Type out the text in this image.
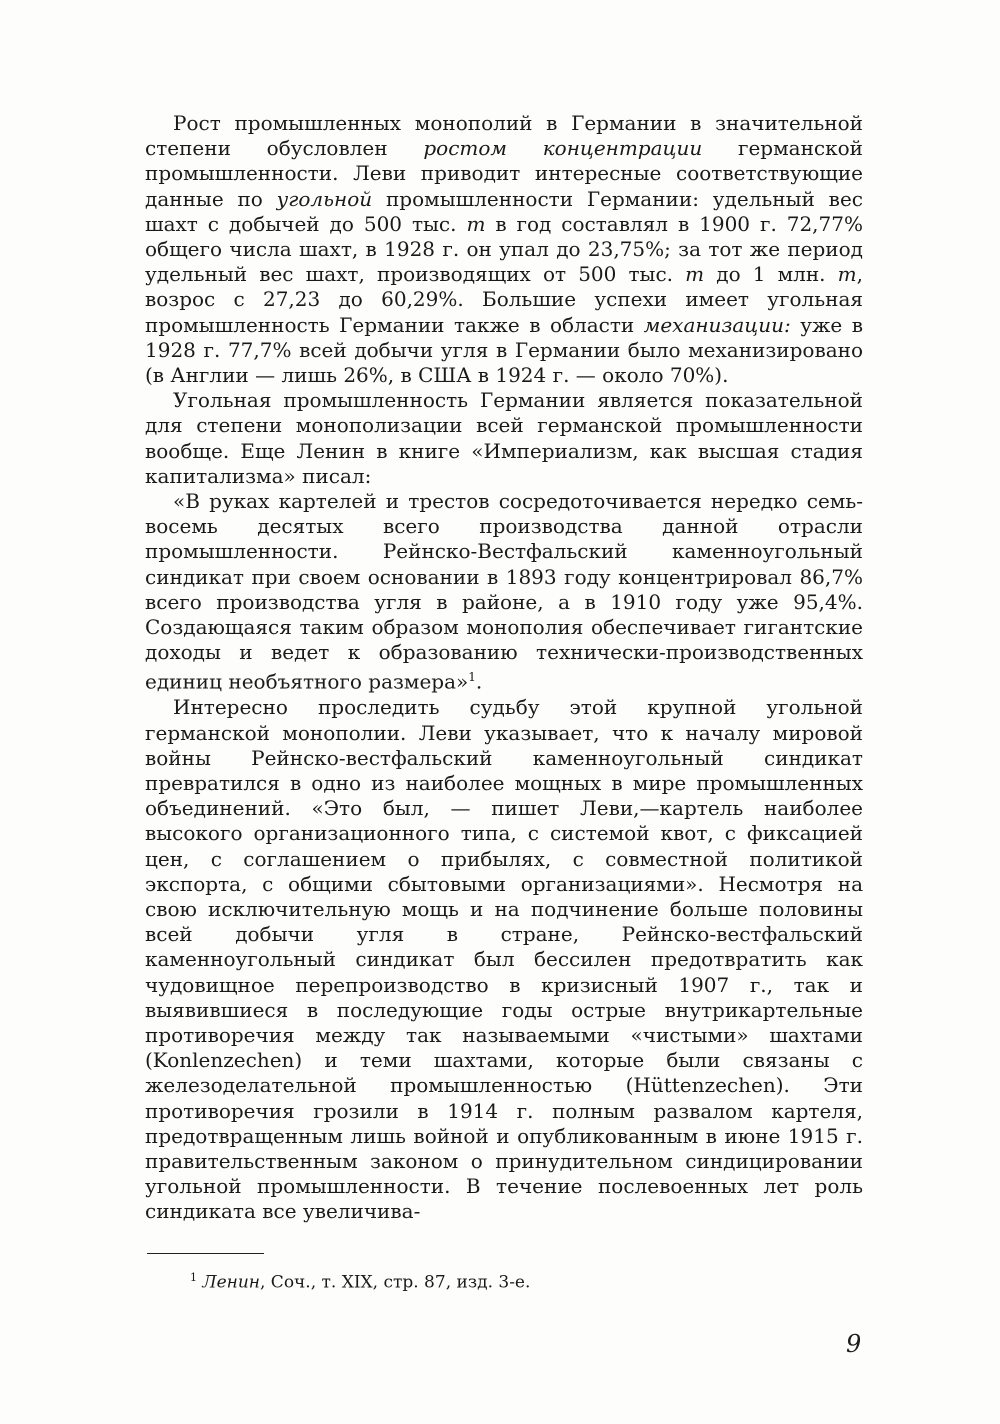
Рост промышленных монополий в Германии в значительной степени обусловлен ростом концентрации германской промышленности. Леви приводит интересные соответствующие данные по угольной промышленности Германии: удельный вес шахт с добычей до 500 тыс. т в год составлял в 1900 г. 72,77% общего числа шахт, в 1928 г. он упал до 23,75%; за тот же период удельный вес шахт, производящих от 500 тыс. т до 1 млн. т, возрос с 27,23 до 60,29%. Большие успехи имеет угольная промышленность Германии также в области механизации: уже в 1928 г. 77,7% всей добычи угля в Германии было механизировано (в Англии — лишь 26%, в США в 1924 г. — около 70%).

Угольная промышленность Германии является показательной для степени монополизации всей германской промышленности вообще. Еще Ленин в книге «Империализм, как высшая стадия капитализма» писал:

«В руках картелей и трестов сосредоточивается нередко семь-восемь десятых всего производства данной отрасли промышленности. Рейнско-Вестфальский каменноугольный синдикат при своем основании в 1893 году концентрировал 86,7% всего производства угля в районе, а в 1910 году уже 95,4%. Создающаяся таким образом монополия обеспечивает гигантские доходы и ведет к образованию технически-производственных единиц необъятного размера»$^1$.

Интересно проследить судьбу этой крупной угольной германской монополии. Леви указывает, что к началу мировой войны Рейнско-вестфальский каменноугольный синдикат превратился в одно из наиболее мощных в мире промышленных объединений. «Это был, — пишет Леви,—картель наиболее высокого организационного типа, с системой квот, с фиксацией цен, с соглашением о прибылях, с совместной политикой экспорта, с общими сбытовыми организациями». Несмотря на свою исключительную мощь и на подчинение больше половины всей добычи угля в стране, Рейнско-вестфальский каменноугольный синдикат был бессилен предотвратить как чудовищное перепроизводство в кризисный 1907 г., так и выявившиеся в последующие годы острые внутрикартельные противоречия между так называемыми «чистыми» шахтами (Konlenzechen) и теми шахтами, которые были связаны с железоделательной промышленностью (Hüttenzechen). Эти противоречия грозили в 1914 г. полным развалом картеля, предотвращенным лишь войной и опубликованным в июне 1915 г. правительственным законом о принудительном синдицировании угольной промышленности. В течение послевоенных лет роль синдиката все увеличива-

$^1$ Ленин, Соч., т. XIX, стр. 87, изд. 3-е.
9
